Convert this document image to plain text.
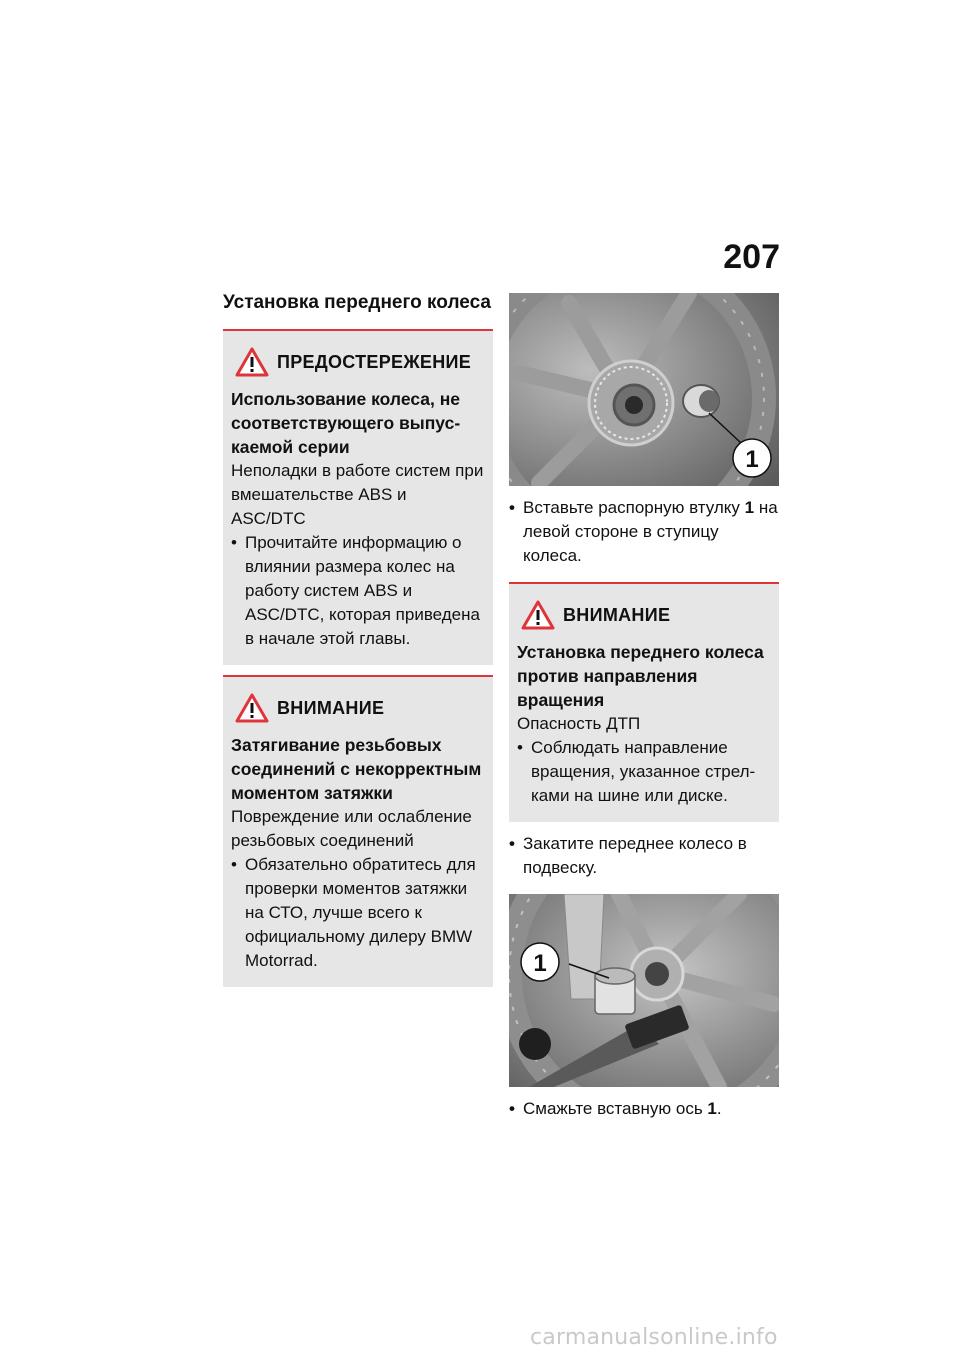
207
Установка переднего колеса
ПРЕДОСТЕРЕЖЕНИЕ
Использование колеса, не соответствующего выпускаемой серии
Неполадки в работе систем при вмешательстве ABS и ASC/DTC
• Прочитайте информацию о влиянии размера колес на работу систем ABS и ASC/DTC, которая приведена в начале этой главы.
ВНИМАНИЕ
Затягивание резьбовых соединений с некорректным моментом затяжки
Повреждение или ослабление резьбовых соединений
• Обязательно обратитесь для проверки моментов затяжки на СТО, лучше всего к официальному дилеру BMW Motorrad.
1
• Вставьте распорную втулку 1 на левой стороне в ступицу колеса.
ВНИМАНИЕ
Установка переднего колеса против направления вращения
Опасность ДТП
• Соблюдать направление вращения, указанное стрелками на шине или диске.
• Закатите переднее колесо в подвеску.
1
• Смажьте вставную ось 1.
carmanualsonline.info
